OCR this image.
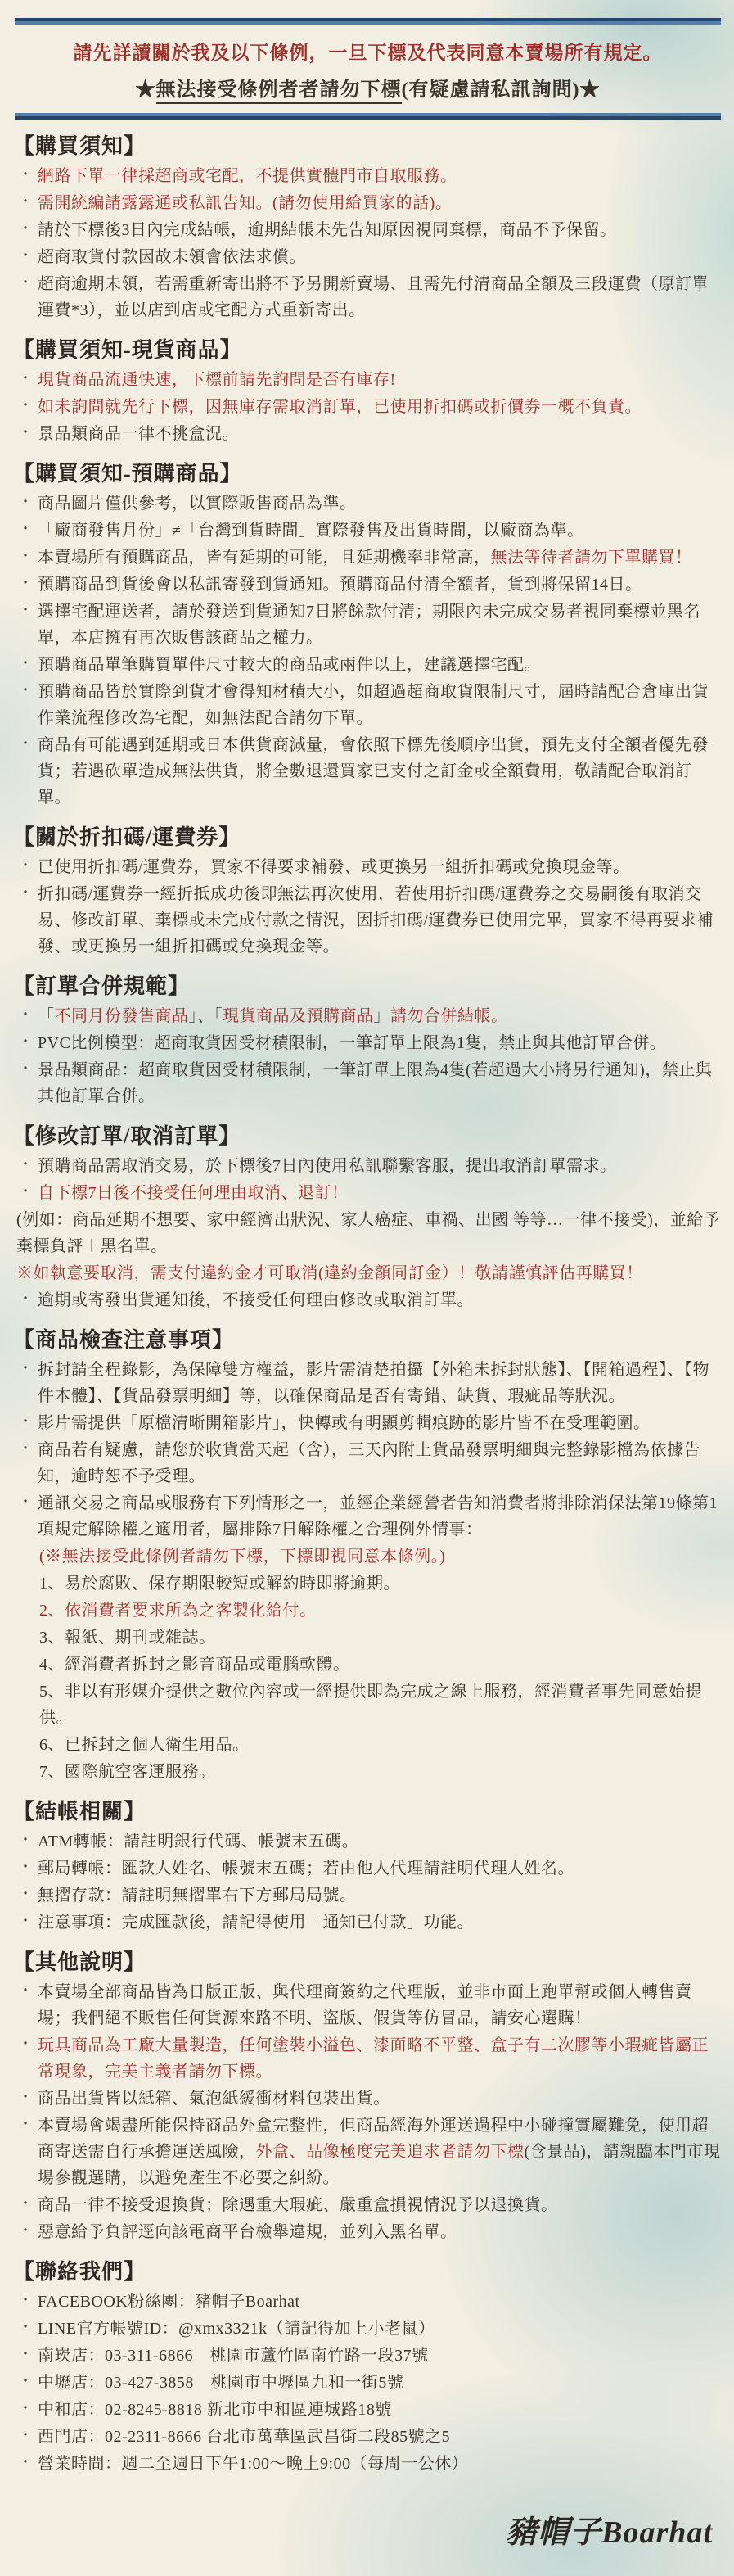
請先詳讀關於我及以下條例，一旦下標及代表同意本賣場所有規定。
★無法接受條例者者請勿下標(有疑慮請私訊詢問)★
【購買須知】
・ 網路下單一律採超商或宅配，不提供實體門市自取服務。
・ 需開統編請露露通或私訊告知。(請勿使用給買家的話)。
・ 請於下標後3日內完成結帳，逾期結帳未先告知原因視同棄標，商品不予保留。
・ 超商取貨付款因故未領會依法求償。
・ 超商逾期未領，若需重新寄出將不予另開新賣場、且需先付清商品全額及三段運費（原訂單運費*3），並以店到店或宅配方式重新寄出。
【購買須知-現貨商品】
・ 現貨商品流通快速，下標前請先詢問是否有庫存!
・ 如未詢問就先行下標，因無庫存需取消訂單，已使用折扣碼或折價券一概不負責。
・ 景品類商品一律不挑盒況。
【購買須知-預購商品】
・ 商品圖片僅供參考，以實際販售商品為準。
・ 「廠商發售月份」≠「台灣到貨時間」實際發售及出貨時間，以廠商為準。
・ 本賣場所有預購商品，皆有延期的可能，且延期機率非常高，無法等待者請勿下單購買！
・ 預購商品到貨後會以私訊寄發到貨通知。預購商品付清全額者，貨到將保留14日。
・ 選擇宅配運送者，請於發送到貨通知7日將餘款付清；期限內未完成交易者視同棄標並黑名單，本店擁有再次販售該商品之權力。
・ 預購商品單筆購買單件尺寸較大的商品或兩件以上，建議選擇宅配。
・ 預購商品皆於實際到貨才會得知材積大小，如超過超商取貨限制尺寸，屆時請配合倉庫出貨作業流程修改為宅配，如無法配合請勿下單。
・ 商品有可能遇到延期或日本供貨商減量，會依照下標先後順序出貨，預先支付全額者優先發貨；若遇砍單造成無法供貨，將全數退還買家已支付之訂金或全額費用，敬請配合取消訂單。
【關於折扣碼/運費券】
・ 已使用折扣碼/運費券，買家不得要求補發、或更換另一組折扣碼或兌換現金等。
・ 折扣碼/運費券一經折抵成功後即無法再次使用，若使用折扣碼/運費券之交易嗣後有取消交易、修改訂單、棄標或未完成付款之情況，因折扣碼/運費券已使用完畢，買家不得再要求補發、或更換另一組折扣碼或兌換現金等。
【訂單合併規範】
・ 「不同月份發售商品」、「現貨商品及預購商品」請勿合併結帳。
・ PVC比例模型：超商取貨因受材積限制，一筆訂單上限為1隻，禁止與其他訂單合併。
・ 景品類商品：超商取貨因受材積限制，一筆訂單上限為4隻(若超過大小將另行通知)，禁止與其他訂單合併。
【修改訂單/取消訂單】
・ 預購商品需取消交易，於下標後7日內使用私訊聯繫客服，提出取消訂單需求。
・ 自下標7日後不接受任何理由取消、退訂！
(例如：商品延期不想要、家中經濟出狀況、家人癌症、車禍、出國 等等…一律不接受)，並給予棄標負評＋黑名單。
※如執意要取消，需支付違約金才可取消(違約金額同訂金）！敬請謹慎評估再購買！
・ 逾期或寄發出貨通知後，不接受任何理由修改或取消訂單。
【商品檢查注意事項】
・ 拆封請全程錄影，為保障雙方權益，影片需清楚拍攝【外箱未拆封狀態】、【開箱過程】、【物件本體】、【貨品發票明細】等，以確保商品是否有寄錯、缺貨、瑕疵品等狀況。
・ 影片需提供「原檔清晰開箱影片」，快轉或有明顯剪輯痕跡的影片皆不在受理範圍。
・ 商品若有疑慮，請您於收貨當天起（含），三天內附上貨品發票明細與完整錄影檔為依據告知，逾時恕不予受理。
・ 通訊交易之商品或服務有下列情形之一，並經企業經營者告知消費者將排除消保法第19條第1項規定解除權之適用者，屬排除7日解除權之合理例外情事：
(※無法接受此條例者請勿下標，下標即視同意本條例。)
1、易於腐敗、保存期限較短或解約時即將逾期。
2、依消費者要求所為之客製化給付。
3、報紙、期刊或雜誌。
4、經消費者拆封之影音商品或電腦軟體。
5、非以有形媒介提供之數位內容或一經提供即為完成之線上服務，經消費者事先同意始提供。
6、已拆封之個人衛生用品。
7、國際航空客運服務。
【結帳相關】
・ ATM轉帳：請註明銀行代碼、帳號末五碼。
・ 郵局轉帳：匯款人姓名、帳號末五碼；若由他人代理請註明代理人姓名。
・ 無摺存款：請註明無摺單右下方郵局局號。
・ 注意事項：完成匯款後，請記得使用「通知已付款」功能。
【其他說明】
・ 本賣場全部商品皆為日版正版、與代理商簽約之代理版，並非市面上跑單幫或個人轉售賣場；我們絕不販售任何貨源來路不明、盜版、假貨等仿冒品，請安心選購！
・ 玩具商品為工廠大量製造，任何塗裝小溢色、漆面略不平整、盒子有二次膠等小瑕疵皆屬正常現象，完美主義者請勿下標。
・ 商品出貨皆以紙箱、氣泡紙緩衝材料包裝出貨。
・ 本賣場會竭盡所能保持商品外盒完整性，但商品經海外運送過程中小碰撞實屬難免，使用超商寄送需自行承擔運送風險，外盒、品像極度完美追求者請勿下標(含景品)，請親臨本門市現場參觀選購，以避免產生不必要之糾紛。
・ 商品一律不接受退換貨；除遇重大瑕疵、嚴重盒損視情況予以退換貨。
・ 惡意給予負評逕向該電商平台檢舉違規，並列入黑名單。
【聯絡我們】
・ FACEBOOK粉絲團：豬帽子Boarhat
・ LINE官方帳號ID：@xmx3321k（請記得加上小老鼠）
・ 南崁店：03-311-6866　桃園市蘆竹區南竹路一段37號
・ 中壢店：03-427-3858　桃園市中壢區九和一街5號
・ 中和店：02-8245-8818 新北市中和區連城路18號
・ 西門店：02-2311-8666 台北市萬華區武昌街二段85號之5
・ 營業時間：週二至週日下午1:00～晚上9:00（每周一公休）
豬帽子Boarhat
